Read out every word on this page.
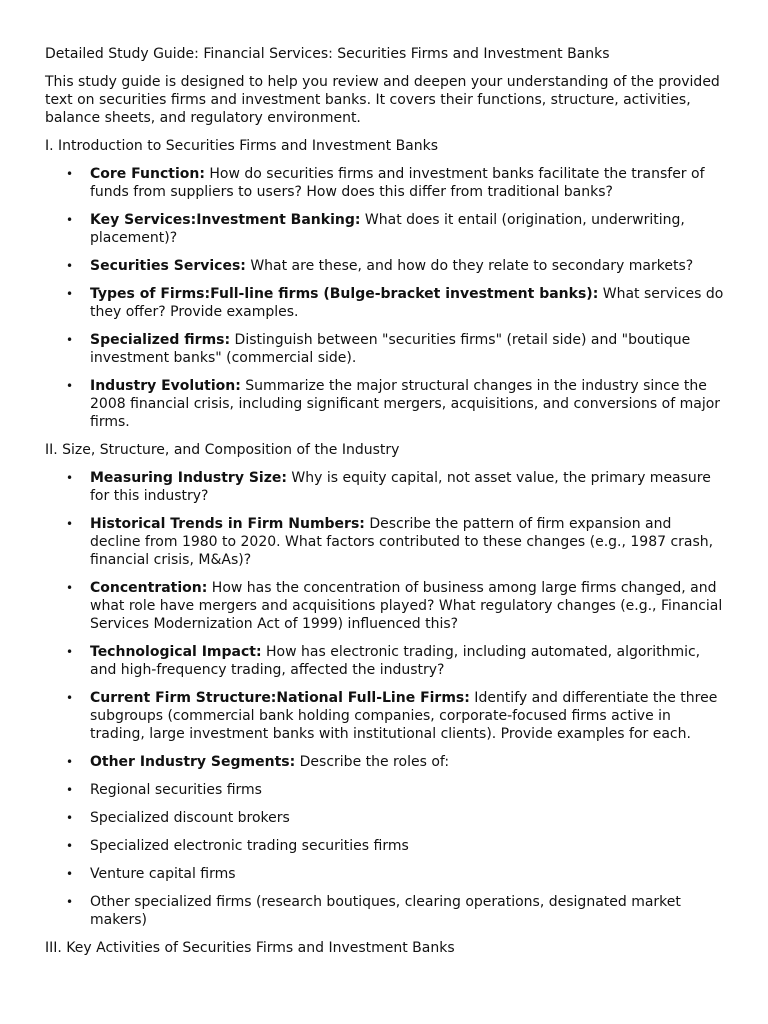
Detailed Study Guide: Financial Services: Securities Firms and Investment Banks

This study guide is designed to help you review and deepen your understanding of the provided text on securities firms and investment banks. It covers their functions, structure, activities, balance sheets, and regulatory environment.

I. Introduction to Securities Firms and Investment Banks

• Core Function: How do securities firms and investment banks facilitate the transfer of funds from suppliers to users? How does this differ from traditional banks?
• Key Services:Investment Banking: What does it entail (origination, underwriting, placement)?
• Securities Services: What are these, and how do they relate to secondary markets?
• Types of Firms:Full-line firms (Bulge-bracket investment banks): What services do they offer? Provide examples.
• Specialized firms: Distinguish between "securities firms" (retail side) and "boutique investment banks" (commercial side).
• Industry Evolution: Summarize the major structural changes in the industry since the 2008 financial crisis, including significant mergers, acquisitions, and conversions of major firms.

II. Size, Structure, and Composition of the Industry

• Measuring Industry Size: Why is equity capital, not asset value, the primary measure for this industry?
• Historical Trends in Firm Numbers: Describe the pattern of firm expansion and decline from 1980 to 2020. What factors contributed to these changes (e.g., 1987 crash, financial crisis, M&As)?
• Concentration: How has the concentration of business among large firms changed, and what role have mergers and acquisitions played? What regulatory changes (e.g., Financial Services Modernization Act of 1999) influenced this?
• Technological Impact: How has electronic trading, including automated, algorithmic, and high-frequency trading, affected the industry?
• Current Firm Structure:National Full-Line Firms: Identify and differentiate the three subgroups (commercial bank holding companies, corporate-focused firms active in trading, large investment banks with institutional clients). Provide examples for each.
• Other Industry Segments: Describe the roles of:
• Regional securities firms
• Specialized discount brokers
• Specialized electronic trading securities firms
• Venture capital firms
• Other specialized firms (research boutiques, clearing operations, designated market makers)

III. Key Activities of Securities Firms and Investment Banks
